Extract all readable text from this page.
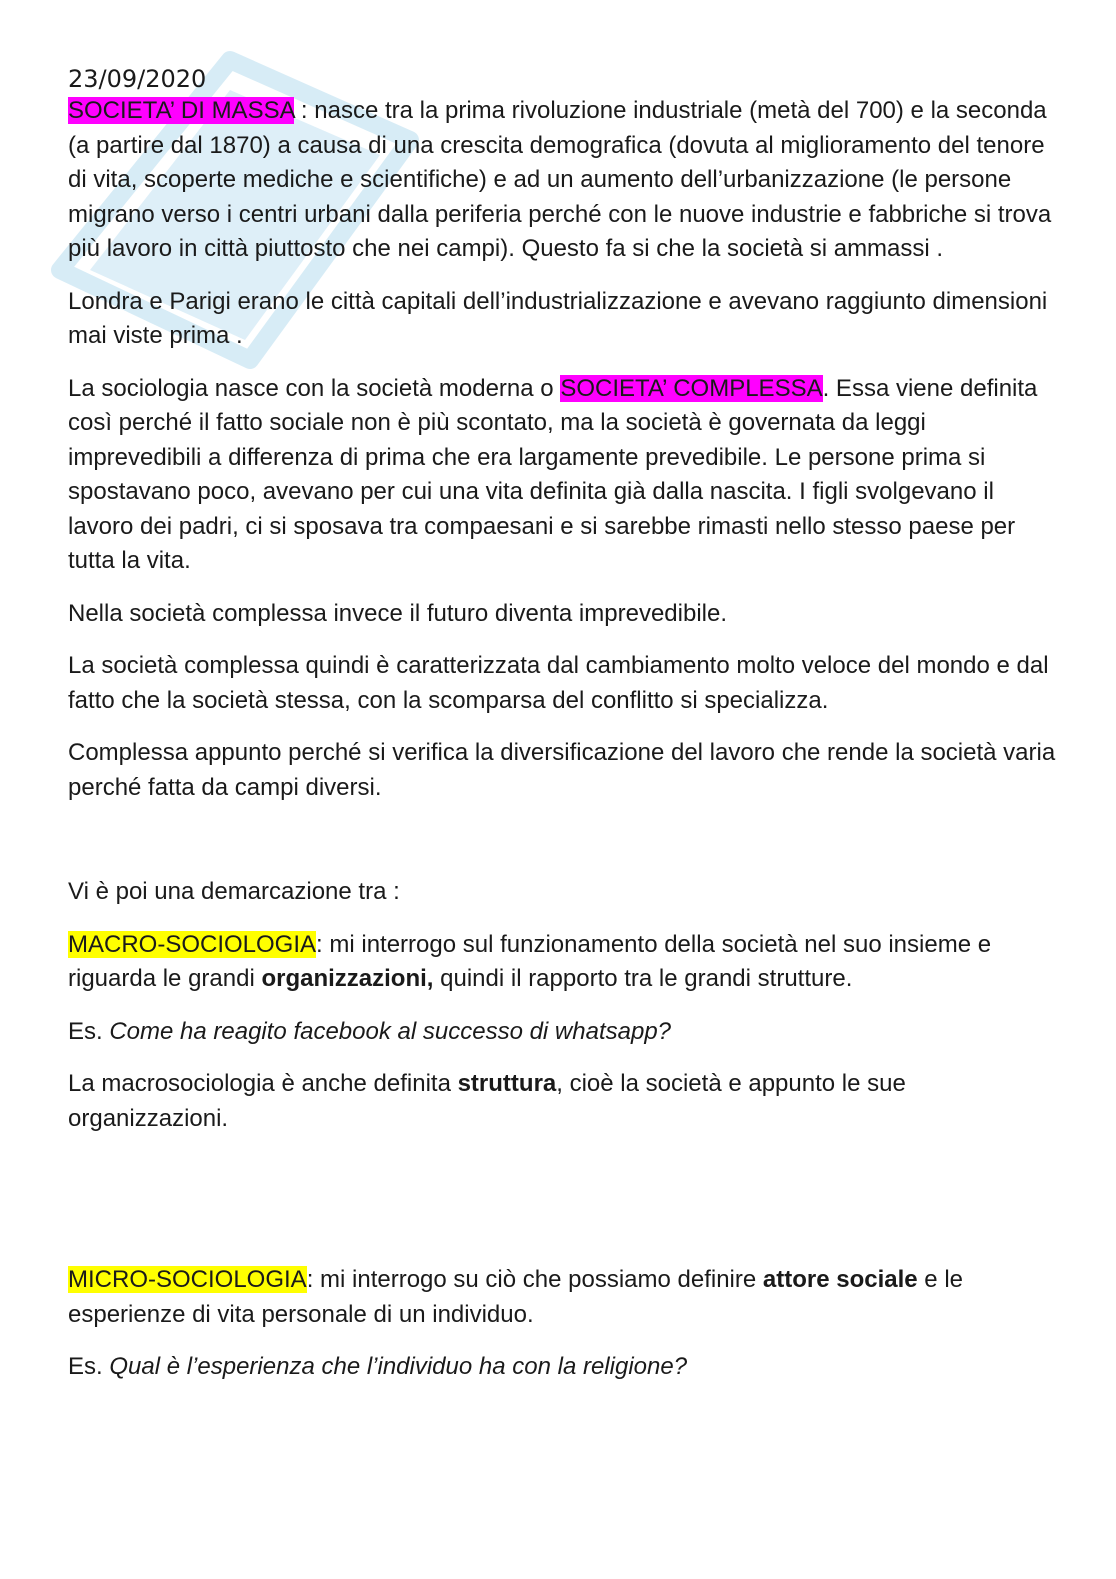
23/09/2020

SOCIETA’ DI MASSA : nasce tra la prima rivoluzione industriale (metà del 700) e la seconda (a partire dal 1870) a causa di una crescita demografica (dovuta al miglioramento del tenore di vita, scoperte mediche e scientifiche) e ad un aumento dell’urbanizzazione (le persone migrano verso i centri urbani dalla periferia perché con le nuove industrie e fabbriche si trova più lavoro in città piuttosto che nei campi). Questo fa si che la società si ammassi .

Londra e Parigi erano le città capitali dell’industrializzazione e avevano raggiunto dimensioni mai viste prima .

La sociologia nasce con la società moderna o SOCIETA’ COMPLESSA. Essa viene definita così perché il fatto sociale non è più scontato, ma la società è governata da leggi imprevedibili a differenza di prima che era largamente prevedibile. Le persone prima si spostavano poco, avevano per cui una vita definita già dalla nascita. I figli svolgevano il lavoro dei padri, ci si sposava tra compaesani e si sarebbe rimasti nello stesso paese per tutta la vita.

Nella società complessa invece il futuro diventa imprevedibile.

La società complessa quindi è caratterizzata dal cambiamento molto veloce del mondo e dal fatto che la società stessa, con la scomparsa del conflitto si specializza.

Complessa appunto perché si verifica la diversificazione del lavoro che rende la società varia perché fatta da campi diversi.

Vi è poi una demarcazione tra :

MACRO-SOCIOLOGIA: mi interrogo sul funzionamento della società nel suo insieme e riguarda le grandi organizzazioni, quindi il rapporto tra le grandi strutture.

Es. Come ha reagito facebook al successo di whatsapp?

La macrosociologia è anche definita struttura, cioè la società e appunto le sue organizzazioni.

MICRO-SOCIOLOGIA: mi interrogo su ciò che possiamo definire attore sociale e le esperienze di vita personale di un individuo.

Es. Qual è l’esperienza che l’individuo ha con la religione?
